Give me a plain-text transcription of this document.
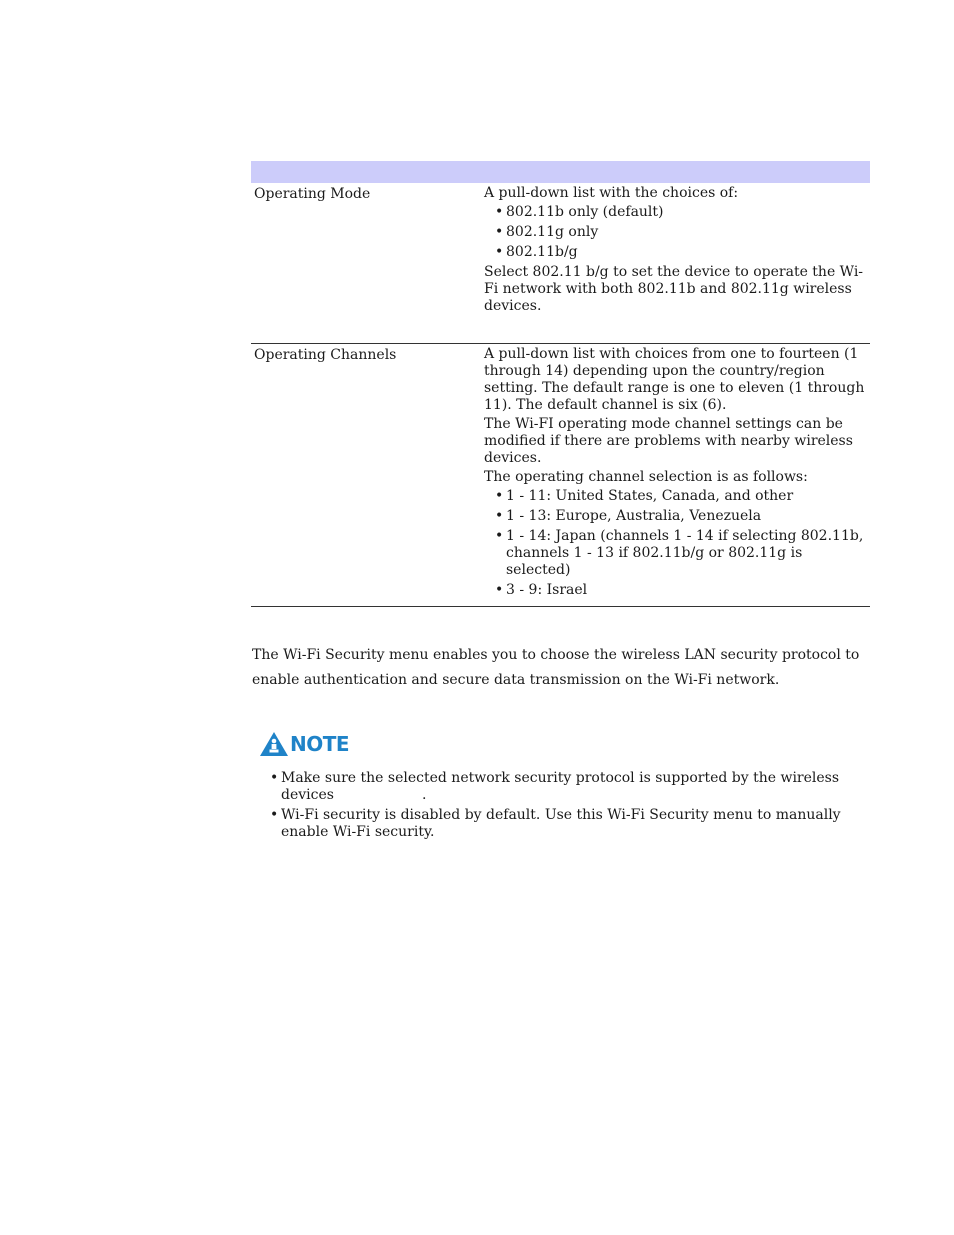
Operating Mode	A pull-down list with the choices of:

• 802.11b only (default)
• 802.11g only
• 802.11b/g

Select 802.11 b/g to set the device to operate the Wi-Fi network with both 802.11b and 802.11g wireless devices.

Operating Channels	A pull-down list with choices from one to fourteen (1 through 14) depending upon the country/region setting. The default range is one to eleven (1 through 11). The default channel is six (6).

The Wi-FI operating mode channel settings can be modified if there are problems with nearby wireless devices.

The operating channel selection is as follows:

• 1 - 11: United States, Canada, and other
• 1 - 13: Europe, Australia, Venezuela
• 1 - 14: Japan (channels 1 - 14 if selecting 802.11b, channels 1 - 13 if 802.11b/g or 802.11g is selected)
• 3 - 9: Israel

The Wi-Fi Security menu enables you to choose the wireless LAN security protocol to enable authentication and secure data transmission on the Wi-Fi network.

NOTE
• Make sure the selected network security protocol is supported by the wireless devices	.
• Wi-Fi security is disabled by default. Use this Wi-Fi Security menu to manually enable Wi-Fi security.
